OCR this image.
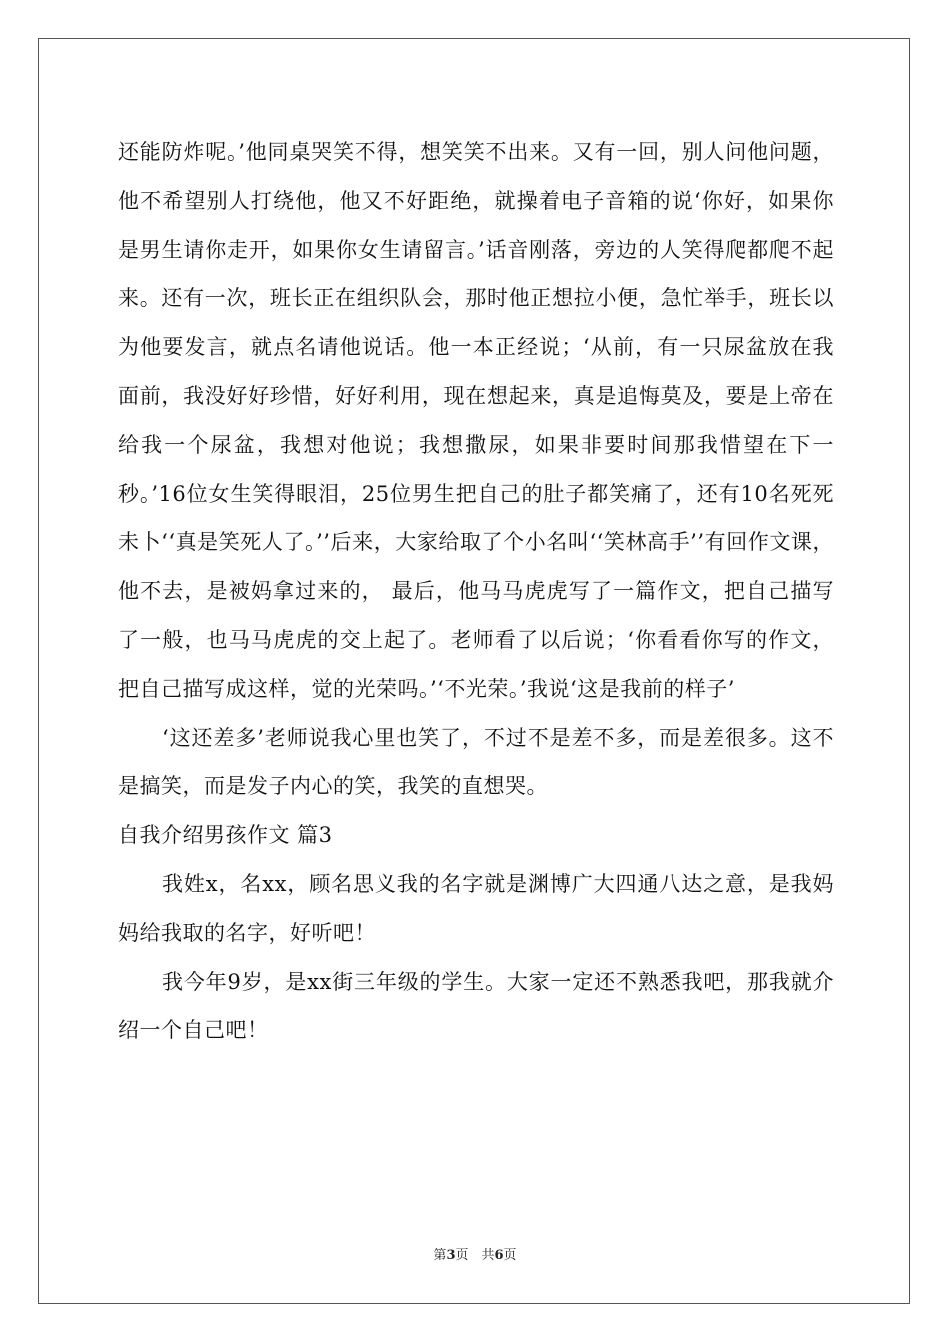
还能防炸呢。’他同桌哭笑不得，想笑笑不出来。又有一回，别人问他问题，他不希望别人打绕他，他又不好距绝，就操着电子音箱的说‘你好，如果你是男生请你走开，如果你女生请留言。’话音刚落，旁边的人笑得爬都爬不起来。还有一次，班长正在组织队会，那时他正想拉小便，急忙举手，班长以为他要发言，就点名请他说话。他一本正经说；‘从前，有一只尿盆放在我面前，我没好好珍惜，好好利用，现在想起来，真是追悔莫及，要是上帝在给我一个尿盆，我想对他说；我想撒尿，如果非要时间那我惜望在下一秒。’16位女生笑得眼泪，25位男生把自己的肚子都笑痛了，还有10名死死未卜‘‘真是笑死人了。’’后来，大家给取了个小名叫‘‘笑林高手’’有回作文课，他不去，是被妈拿过来的， 最后，他马马虎虎写了一篇作文，把自己描写了一般，也马马虎虎的交上起了。老师看了以后说；‘你看看你写的作文，把自己描写成这样，觉的光荣吗。’‘不光荣。’我说‘这是我前的样子’

‘这还差多’老师说我心里也笑了，不过不是差不多，而是差很多。这不是搞笑，而是发子内心的笑，我笑的直想哭。

自我介绍男孩作文 篇3

我姓x，名xx，顾名思义我的名字就是渊博广大四通八达之意，是我妈妈给我取的名字，好听吧！

我今年9岁，是xx街三年级的学生。大家一定还不熟悉我吧，那我就介绍一个自己吧！

第3页　共6页
